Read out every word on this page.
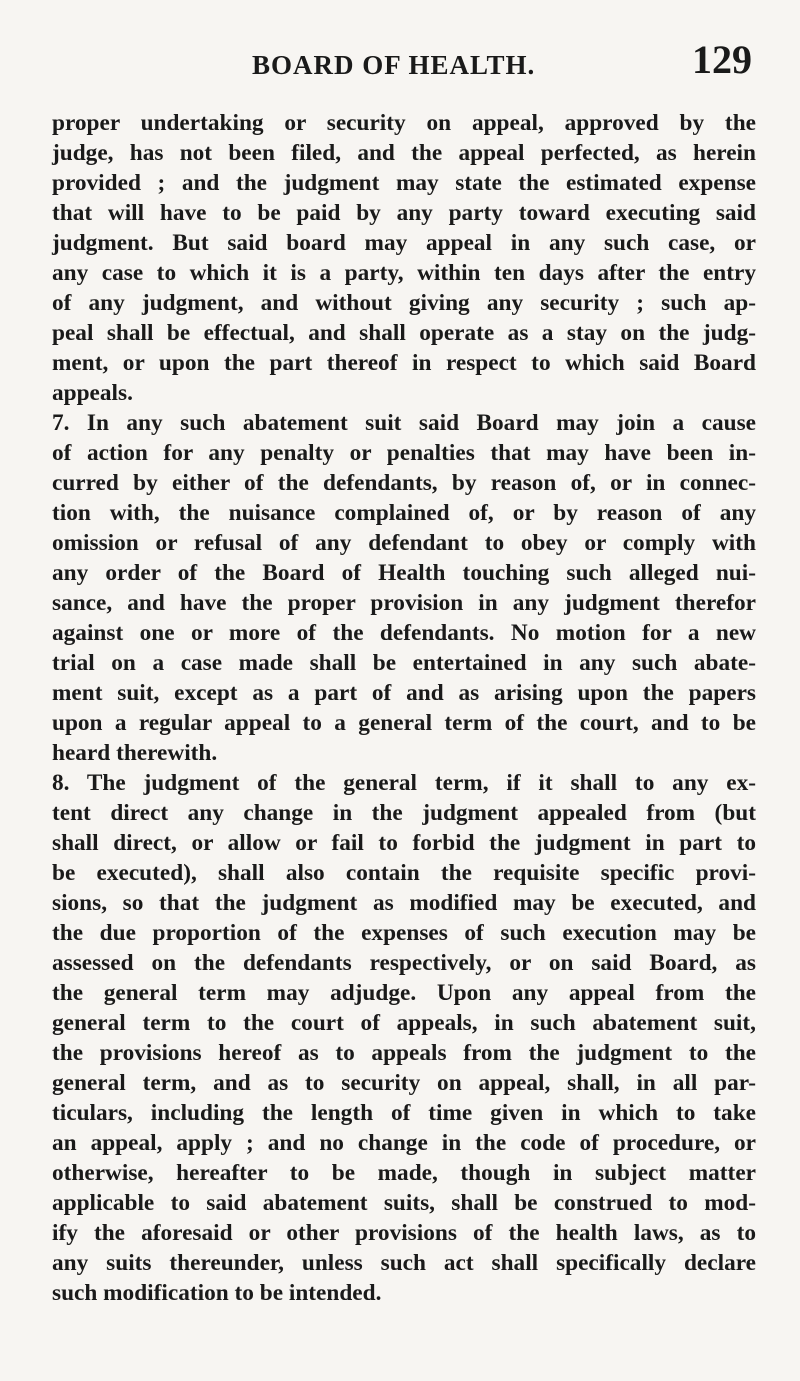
BOARD OF HEALTH.	129
proper undertaking or security on appeal, approved by the
judge, has not been filed, and the appeal perfected, as herein
provided ; and the judgment may state the estimated expense
that will have to be paid by any party toward executing said
judgment. But said board may appeal in any such case, or
any case to which it is a party, within ten days after the entry
of any judgment, and without giving any security ; such ap-
peal shall be effectual, and shall operate as a stay on the judg-
ment, or upon the part thereof in respect to which said Board
appeals.
7. In any such abatement suit said Board may join a cause
of action for any penalty or penalties that may have been in-
curred by either of the defendants, by reason of, or in connec-
tion with, the nuisance complained of, or by reason of any
omission or refusal of any defendant to obey or comply with
any order of the Board of Health touching such alleged nui-
sance, and have the proper provision in any judgment therefor
against one or more of the defendants. No motion for a new
trial on a case made shall be entertained in any such abate-
ment suit, except as a part of and as arising upon the papers
upon a regular appeal to a general term of the court, and to be
heard therewith.
8. The judgment of the general term, if it shall to any ex-
tent direct any change in the judgment appealed from (but
shall direct, or allow or fail to forbid the judgment in part to
be executed), shall also contain the requisite specific provi-
sions, so that the judgment as modified may be executed, and
the due proportion of the expenses of such execution may be
assessed on the defendants respectively, or on said Board, as
the general term may adjudge. Upon any appeal from the
general term to the court of appeals, in such abatement suit,
the provisions hereof as to appeals from the judgment to the
general term, and as to security on appeal, shall, in all par-
ticulars, including the length of time given in which to take
an appeal, apply ; and no change in the code of procedure, or
otherwise, hereafter to be made, though in subject matter
applicable to said abatement suits, shall be construed to mod-
ify the aforesaid or other provisions of the health laws, as to
any suits thereunder, unless such act shall specifically declare
such modification to be intended.
